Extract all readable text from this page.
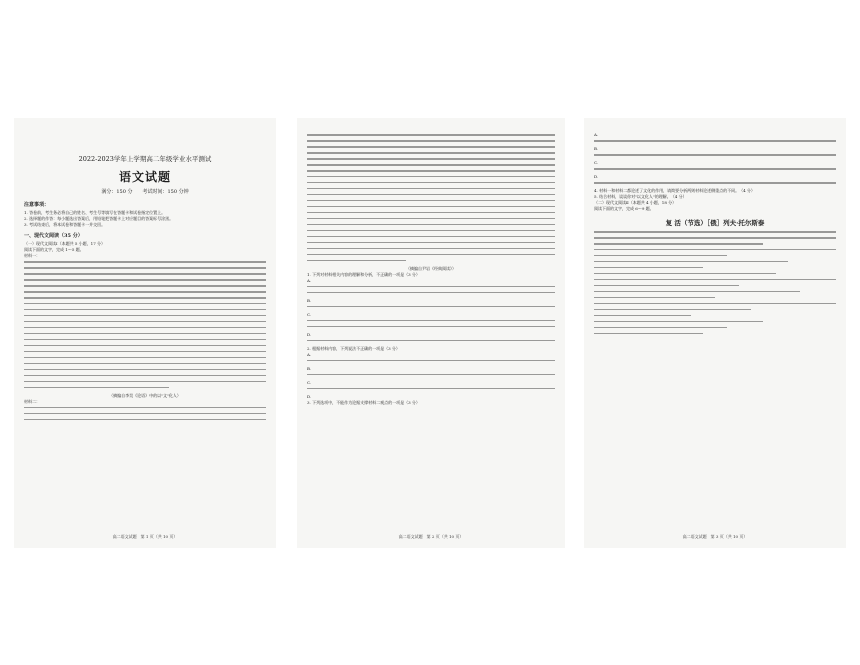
2022-2023学年上学期高二年级学业水平测试
语文试题
满分：150 分　　考试时间：150 分钟
注意事项：

1. 答卷前，考生务必将自己的姓名、考生号等填写在答题卡和试卷指定位置上。

2. 选择题的作答：每小题选出答案后，用铅笔把答题卡上对应题目的答案标号涂黑。

3. 考试结束后，将本试卷和答题卡一并交回。

一、现代文阅读（35 分）

（一）现代文阅读Ⅰ（本题共 5 小题，17 分）

阅读下面的文字，完成 1～5 题。

材料一：

（摘编自李昊《论语》中的以"文"化人）

材料二：

高二语文试题　第 1 页（共 10 页）

（摘编自尹岩《经典阅读》）

1. 下列对材料相关内容的理解和分析，不正确的一项是（3 分）

A.

B.

C.

D.

2. 根据材料内容，下列说法不正确的一项是（3 分）

A.

B.

C.

D.

3. 下列选项中，不能作为论据支撑材料二观点的一项是（3 分）

高二语文试题　第 2 页（共 10 页）

A.

B.

C.

D.

4. 材料一和材料二都论述了文化的作用，请简要分析两则材料论述侧重点的不同。（4 分）

5. 结合材料，谈谈你对"以文化人"的理解。（4 分）

（二）现代文阅读Ⅱ（本题共 4 小题，18 分）

阅读下面的文字，完成 6～9 题。

复 活（节选）［俄］列夫·托尔斯泰
高二语文试题　第 3 页（共 10 页）
